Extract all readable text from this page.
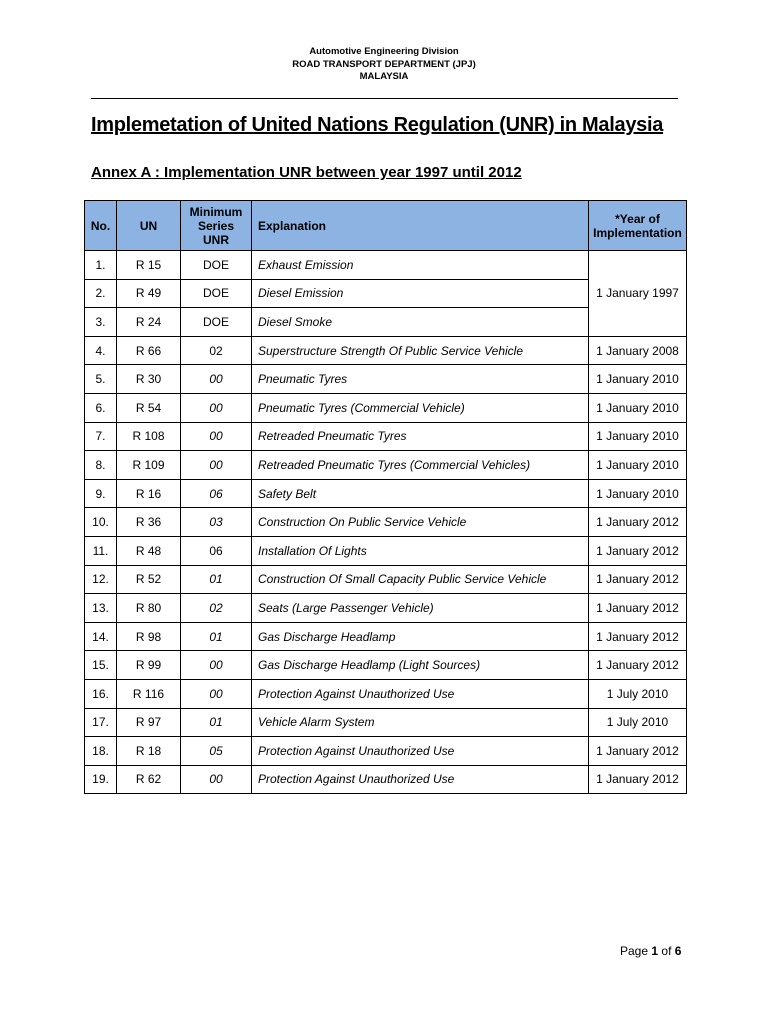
Automotive Engineering Division
ROAD TRANSPORT DEPARTMENT (JPJ)
MALAYSIA
Implemetation of United Nations Regulation (UNR) in Malaysia
Annex A : Implementation UNR between year 1997 until 2012
No.	UN	Minimum Series UNR	Explanation	*Year of Implementation
1.	R 15	DOE	Exhaust Emission	1 January 1997
2.	R 49	DOE	Diesel Emission	
3.	R 24	DOE	Diesel Smoke	
4.	R 66	02	Superstructure Strength Of Public Service Vehicle	1 January 2008
5.	R 30	00	Pneumatic Tyres	1 January 2010
6.	R 54	00	Pneumatic Tyres (Commercial Vehicle)	1 January 2010
7.	R 108	00	Retreaded Pneumatic Tyres	1 January 2010
8.	R 109	00	Retreaded Pneumatic Tyres (Commercial Vehicles)	1 January 2010
9.	R 16	06	Safety Belt	1 January 2010
10.	R 36	03	Construction On Public Service Vehicle	1 January 2012
11.	R 48	06	Installation Of Lights	1 January 2012
12.	R 52	01	Construction Of Small Capacity Public Service Vehicle	1 January 2012
13.	R 80	02	Seats (Large Passenger Vehicle)	1 January 2012
14.	R 98	01	Gas Discharge Headlamp	1 January 2012
15.	R 99	00	Gas Discharge Headlamp (Light Sources)	1 January 2012
16.	R 116	00	Protection Against Unauthorized Use	1 July 2010
17.	R 97	01	Vehicle Alarm System	1 July 2010
18.	R 18	05	Protection Against Unauthorized Use	1 January 2012
19.	R 62	00	Protection Against Unauthorized Use	1 January 2012
Page 1 of 6
